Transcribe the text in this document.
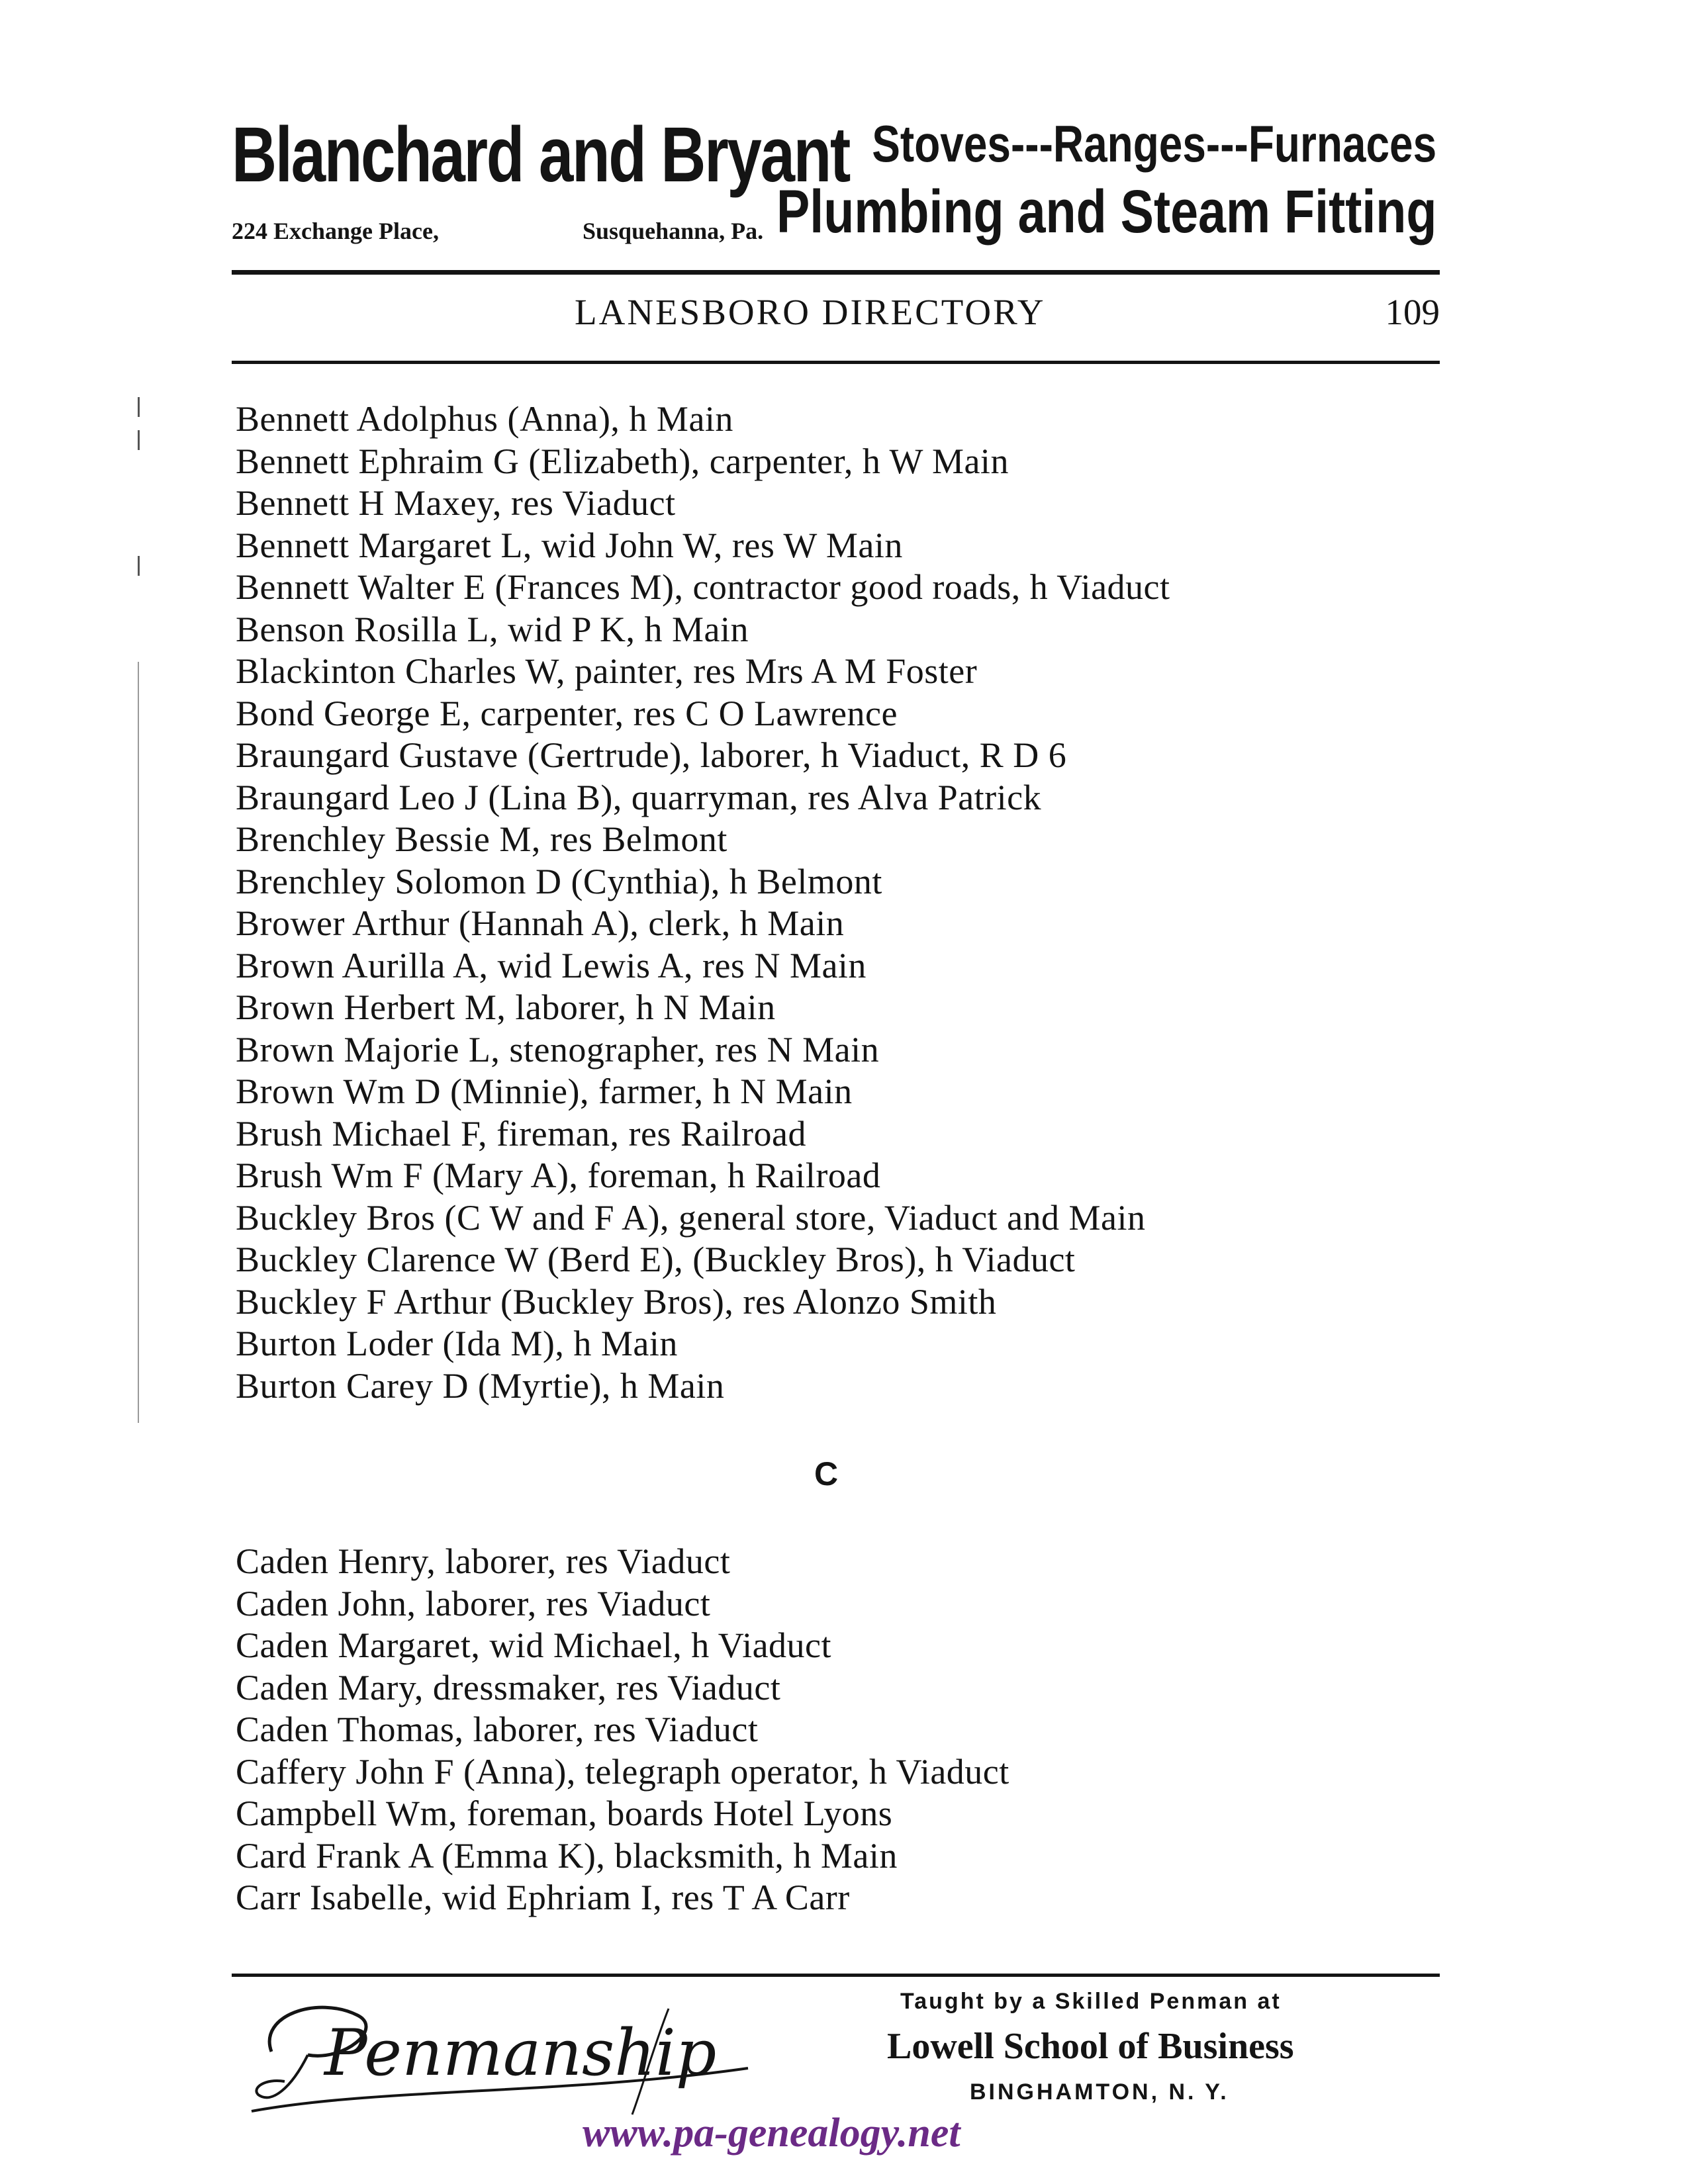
Blanchard and Bryant
224 Exchange Place,	Susquehanna, Pa.
Stoves---Ranges---Furnaces
Plumbing and Steam Fitting
LANESBORO DIRECTORY	109
Bennett Adolphus (Anna), h Main
Bennett Ephraim G (Elizabeth), carpenter, h W Main
Bennett H Maxey, res Viaduct
Bennett Margaret L, wid John W, res W Main
Bennett Walter E (Frances M), contractor good roads, h Viaduct
Benson Rosilla L, wid P K, h Main
Blackinton Charles W, painter, res Mrs A M Foster
Bond George E, carpenter, res C O Lawrence
Braungard Gustave (Gertrude), laborer, h Viaduct, R D 6
Braungard Leo J (Lina B), quarryman, res Alva Patrick
Brenchley Bessie M, res Belmont
Brenchley Solomon D (Cynthia), h Belmont
Brower Arthur (Hannah A), clerk, h Main
Brown Aurilla A, wid Lewis A, res N Main
Brown Herbert M, laborer, h N Main
Brown Majorie L, stenographer, res N Main
Brown Wm D (Minnie), farmer, h N Main
Brush Michael F, fireman, res Railroad
Brush Wm F (Mary A), foreman, h Railroad
Buckley Bros (C W and F A), general store, Viaduct and Main
Buckley Clarence W (Berd E), (Buckley Bros), h Viaduct
Buckley F Arthur (Buckley Bros), res Alonzo Smith
Burton Loder (Ida M), h Main
Burton Carey D (Myrtie), h Main
C
Caden Henry, laborer, res Viaduct
Caden John, laborer, res Viaduct
Caden Margaret, wid Michael, h Viaduct
Caden Mary, dressmaker, res Viaduct
Caden Thomas, laborer, res Viaduct
Caffery John F (Anna), telegraph operator, h Viaduct
Campbell Wm, foreman, boards Hotel Lyons
Card Frank A (Emma K), blacksmith, h Main
Carr Isabelle, wid Ephriam I, res T A Carr
Penmanship
Taught by a Skilled Penman at
Lowell School of Business
BINGHAMTON, N. Y.
www.pa-genealogy.net
